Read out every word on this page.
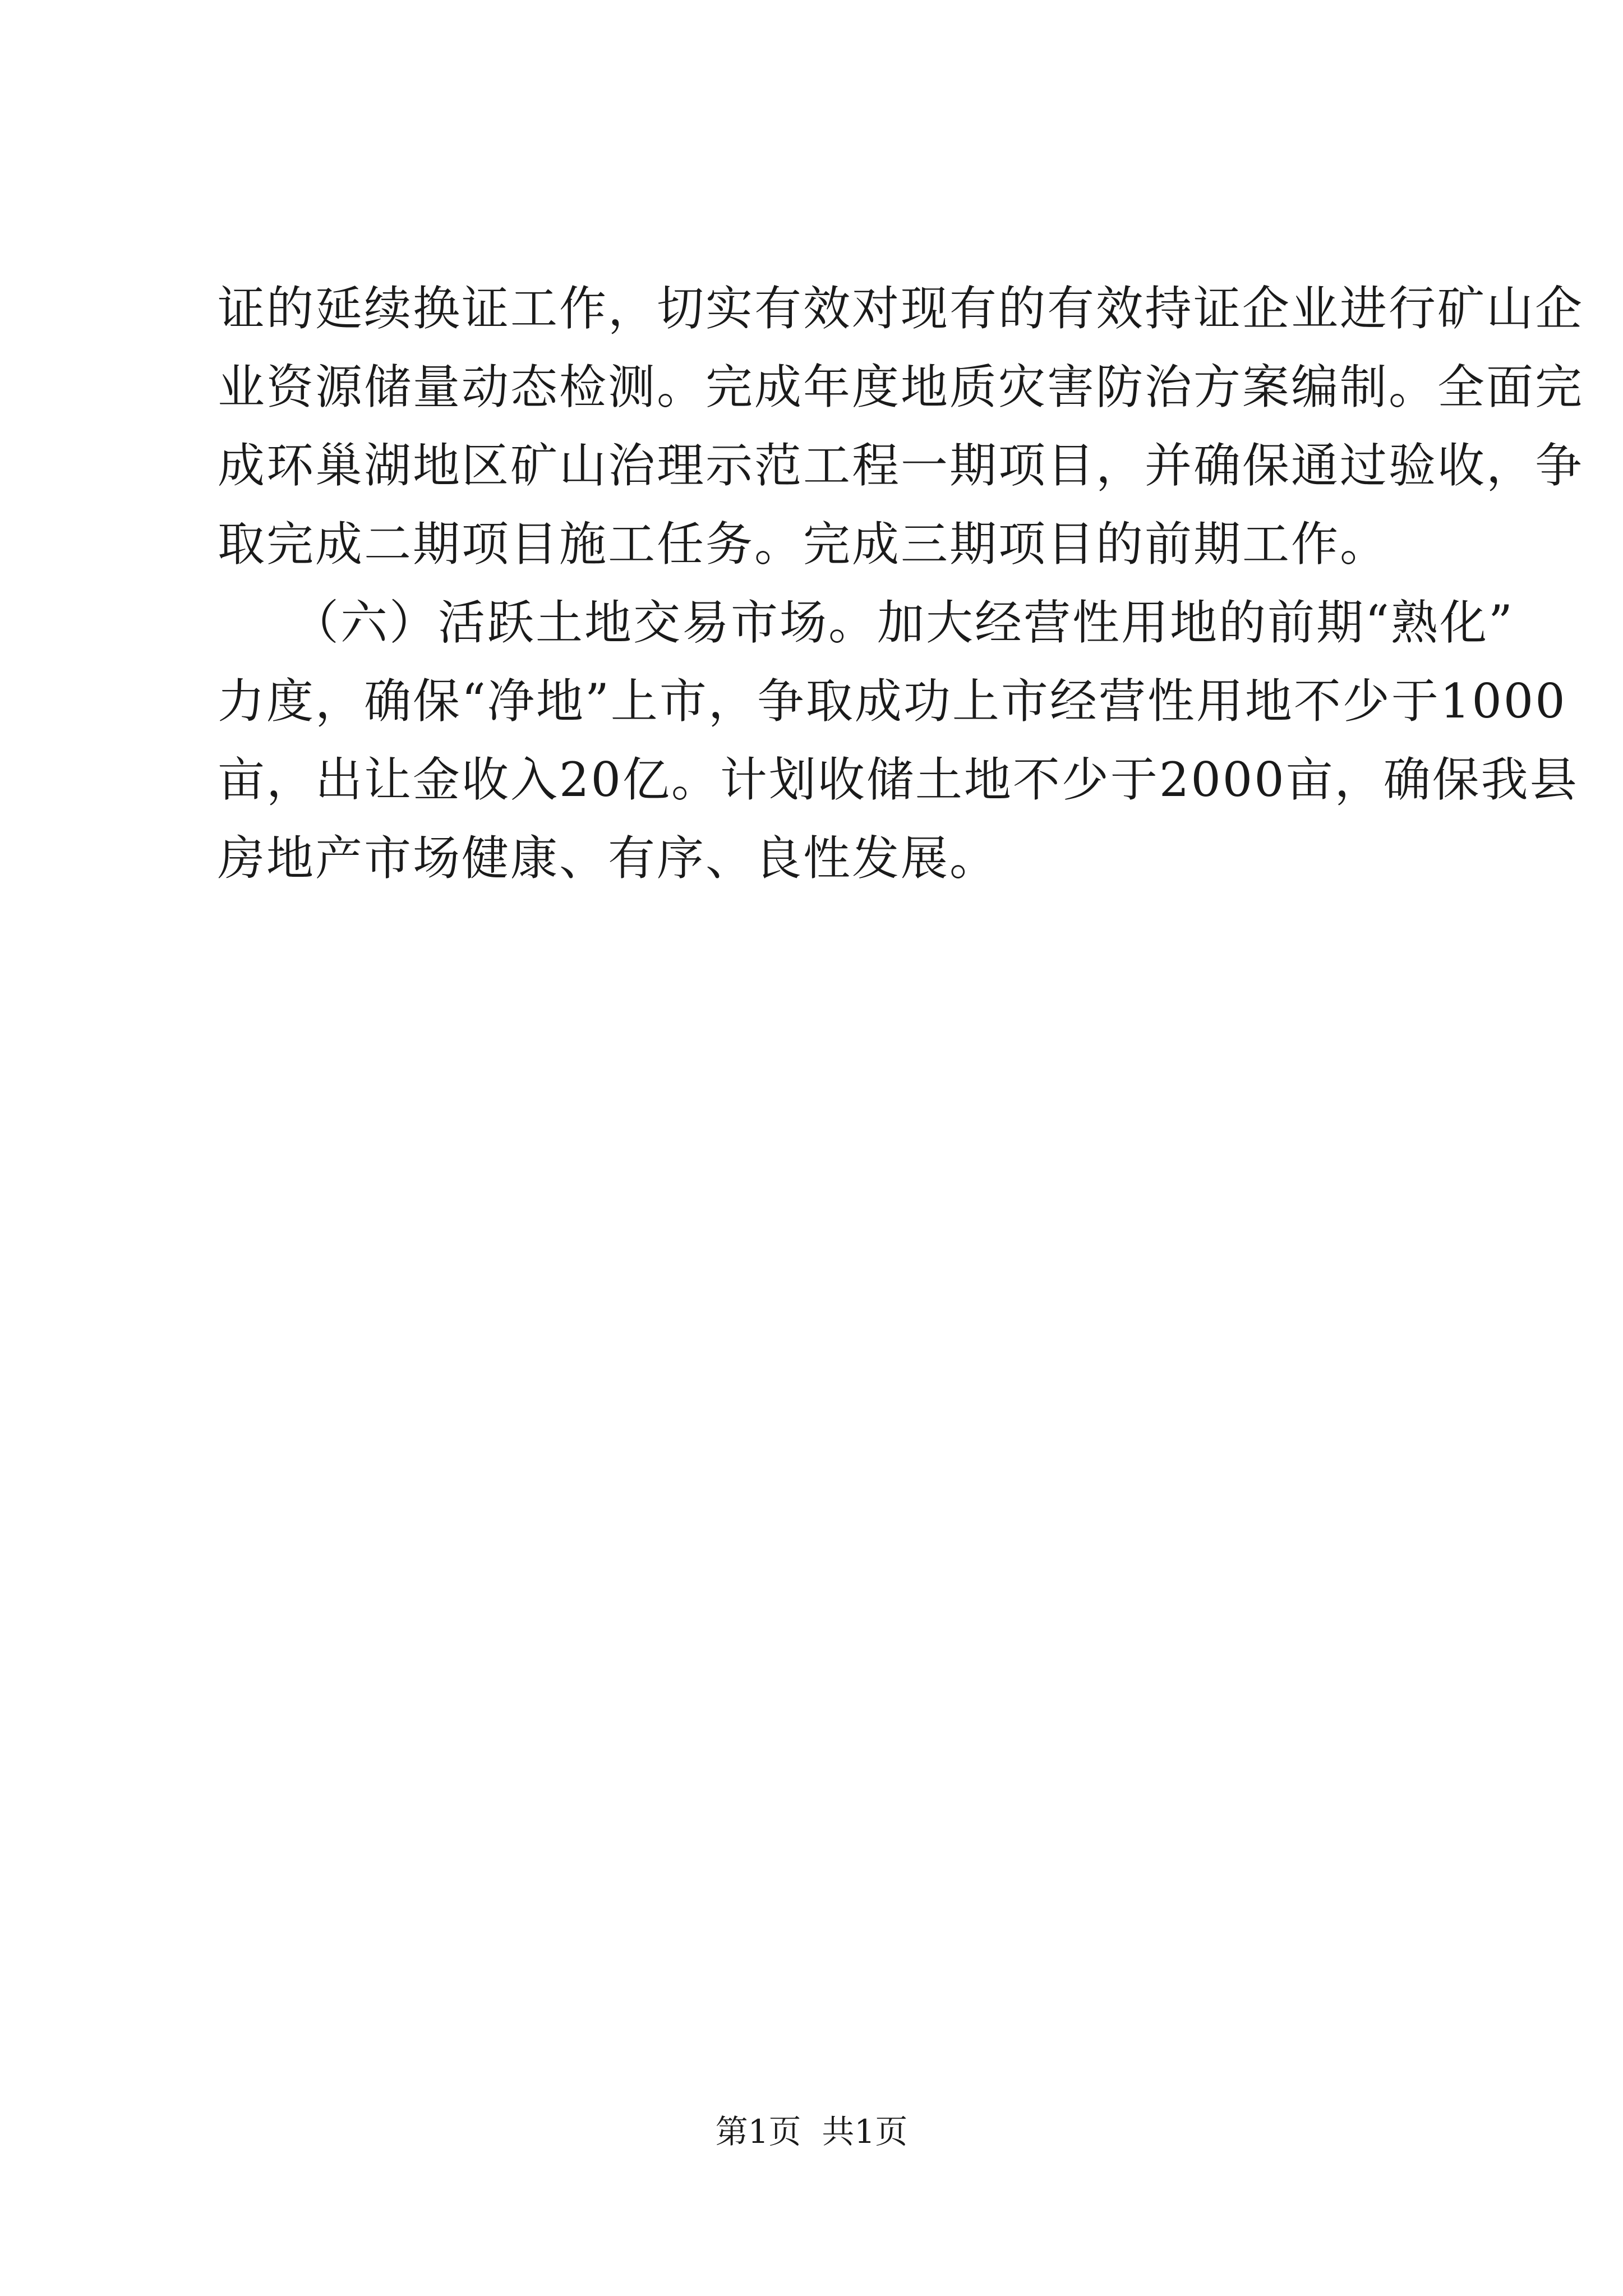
证的延续换证工作，切实有效对现有的有效持证企业进行矿山企
业资源储量动态检测。完成年度地质灾害防治方案编制。全面完
成环巢湖地区矿山治理示范工程一期项目，并确保通过验收，争
取完成二期项目施工任务。完成三期项目的前期工作。
　　（六）活跃土地交易市场。加大经营性用地的前期“熟化”
力度，确保“净地”上市，争取成功上市经营性用地不少于1000
亩，出让金收入20亿。计划收储土地不少于2000亩，确保我县
房地产市场健康、有序、良性发展。
第1页  共1页
